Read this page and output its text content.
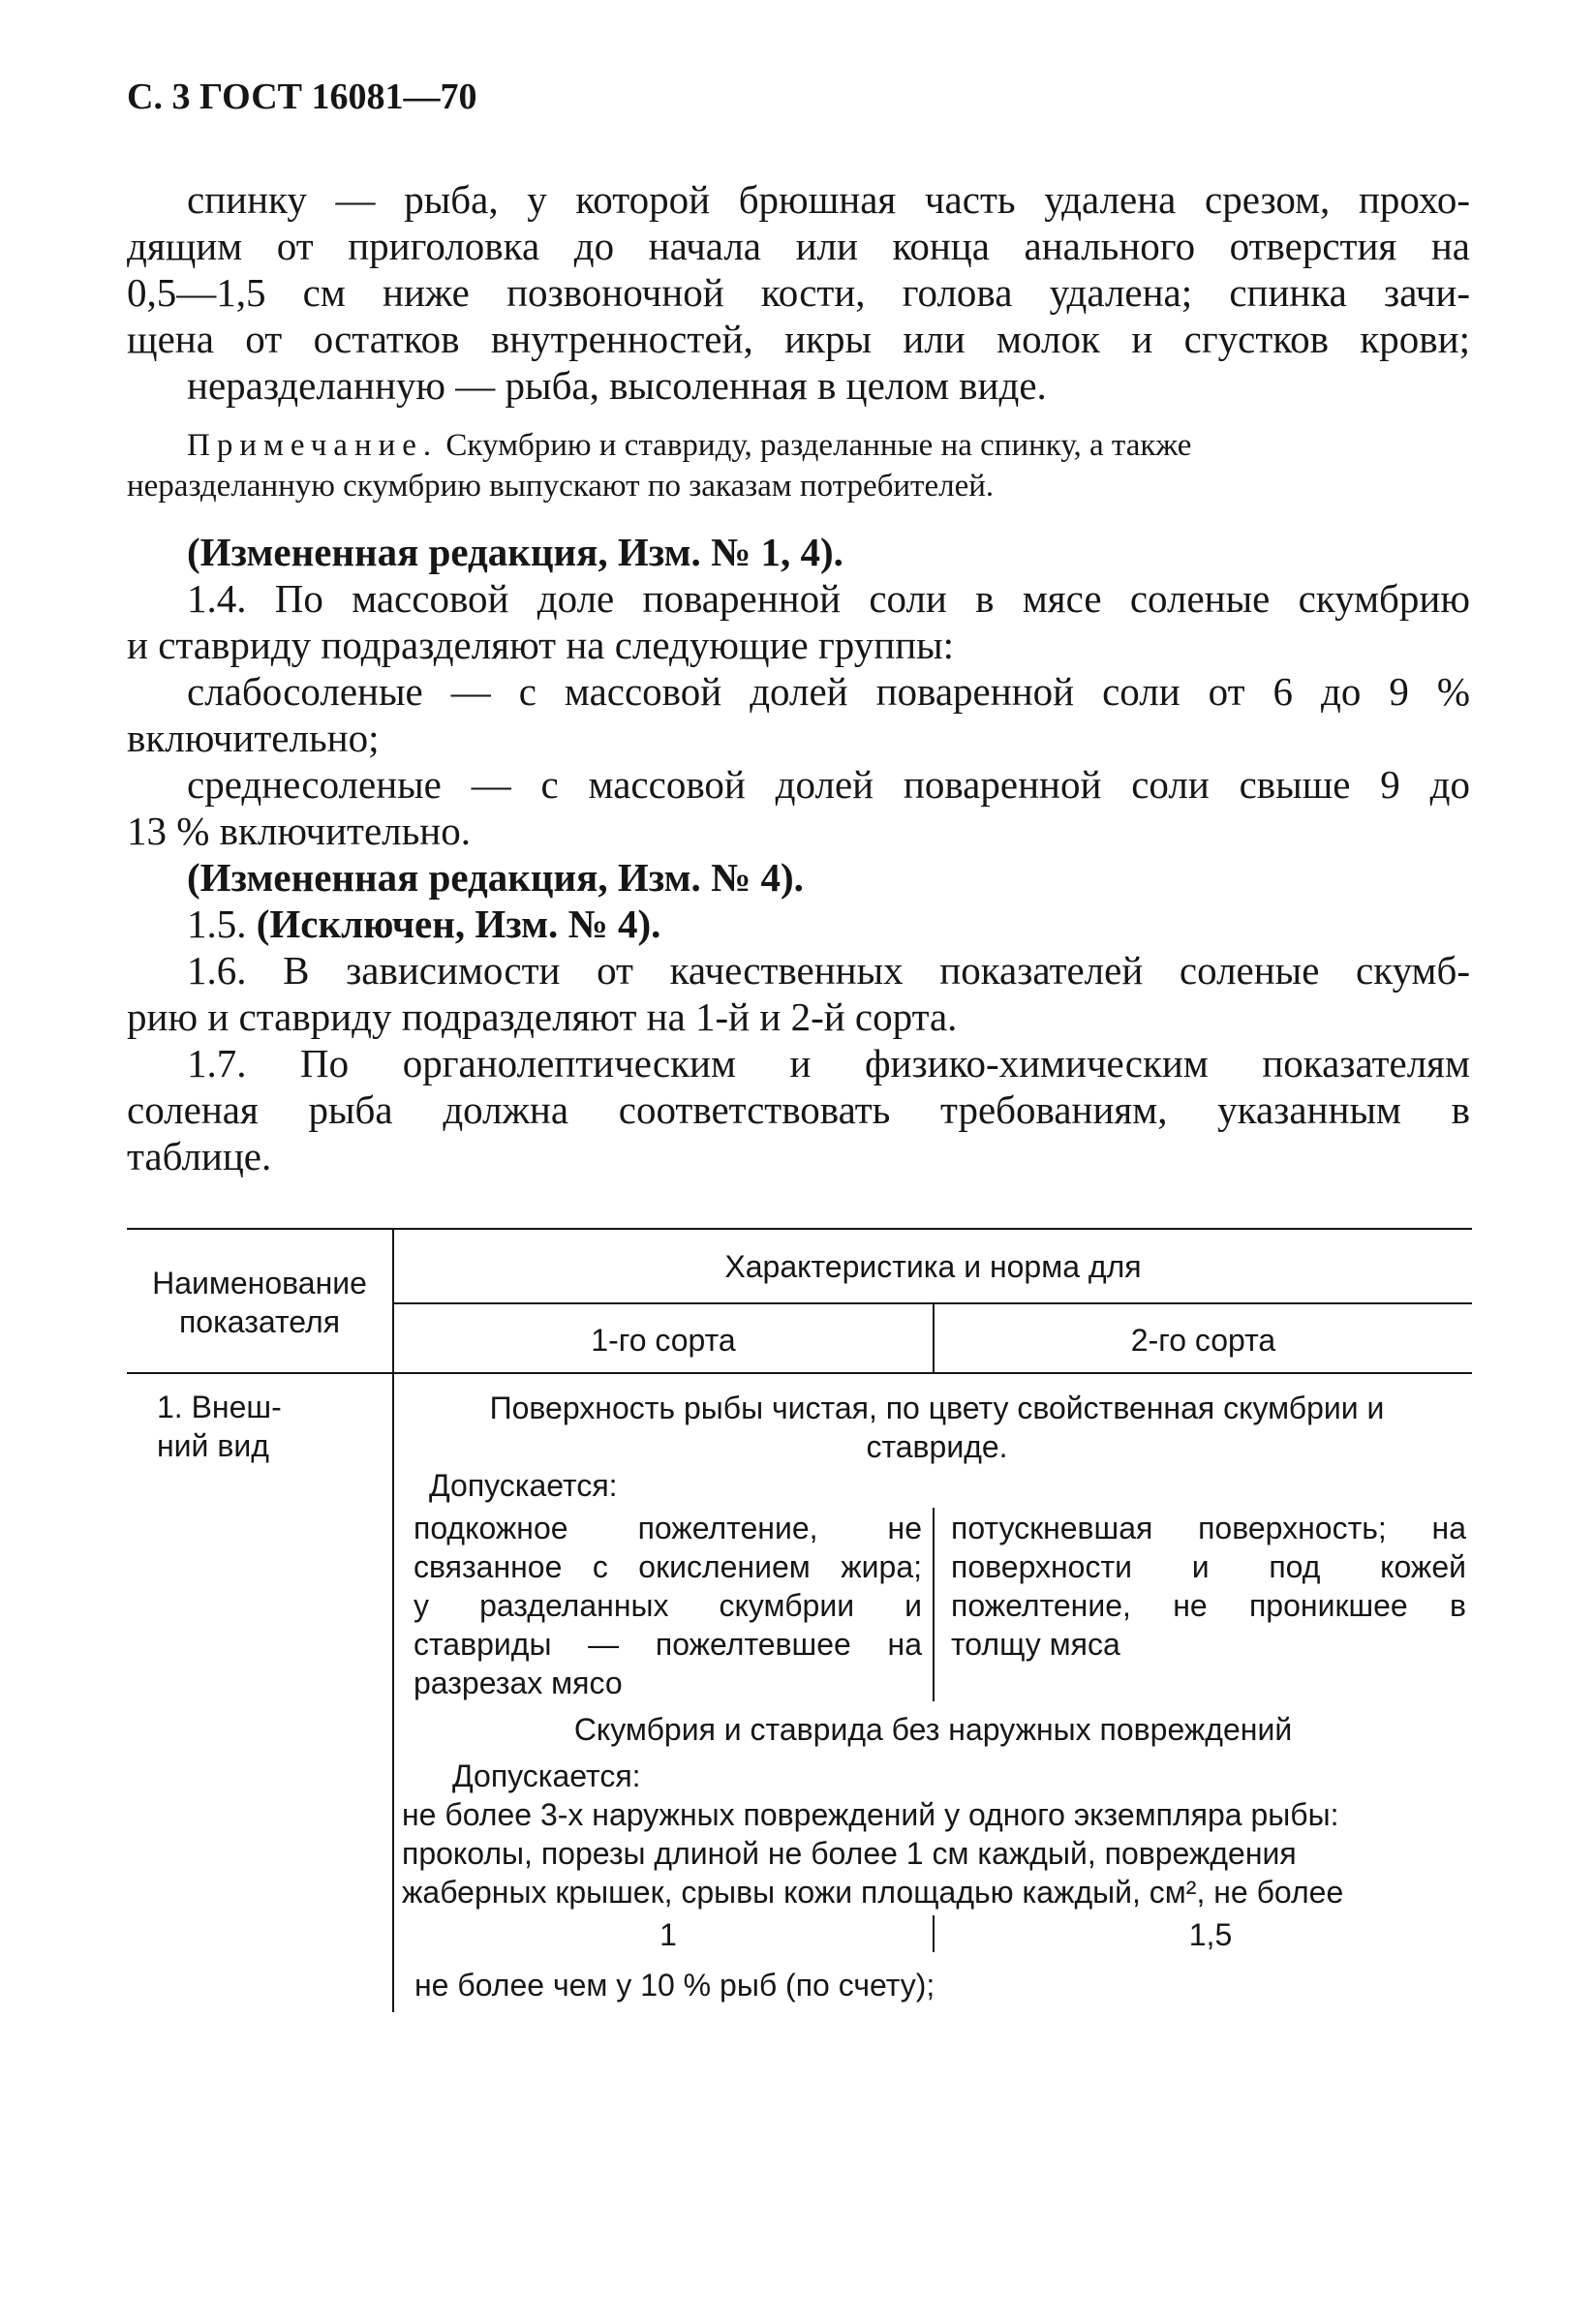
С. 3 ГОСТ 16081—70
спинку — рыба, у которой брюшная часть удалена срезом, прохо-
дящим от приголовка до начала или конца анального отверстия на
0,5—1,5 см ниже позвоночной кости, голова удалена; спинка зачи-
щена от остатков внутренностей, икры или молок и сгустков крови;
неразделанную — рыба, высоленная в целом виде.
Примечание. Скумбрию и ставриду, разделанные на спинку, а также
неразделанную скумбрию выпускают по заказам потребителей.
(Измененная редакция, Изм. № 1, 4).
1.4. По массовой доле поваренной соли в мясе соленые скумбрию
и ставриду подразделяют на следующие группы:
слабосоленые — с массовой долей поваренной соли от 6 до 9 %
включительно;
среднесоленые — с массовой долей поваренной соли свыше 9 до
13 % включительно.
(Измененная редакция, Изм. № 4).
1.5. (Исключен, Изм. № 4).
1.6. В зависимости от качественных показателей соленые скумб-
рию и ставриду подразделяют на 1-й и 2-й сорта.
1.7. По органолептическим и физико-химическим показателям
соленая рыба должна соответствовать требованиям, указанным в
таблице.
Наименование
показателя
Характеристика и норма для
1-го сорта	2-го сорта
1. Внеш-
ний вид
Поверхность рыбы чистая, по цвету свойственная скумбрии и
ставриде.
Допускается:
подкожное пожелтение, не
связанное с окислением жира;
у разделанных скумбрии и
ставриды — пожелтевшее на
разрезах мясо
потускневшая поверхность; на
поверхности и под кожей
пожелтение, не проникшее в
толщу мяса
Скумбрия и ставрида без наружных повреждений
Допускается:
не более 3-х наружных повреждений у одного экземпляра рыбы:
проколы, порезы длиной не более 1 см каждый, повреждения
жаберных крышек, срывы кожи площадью каждый, см², не более
1	1,5
не более чем у 10 % рыб (по счету);
